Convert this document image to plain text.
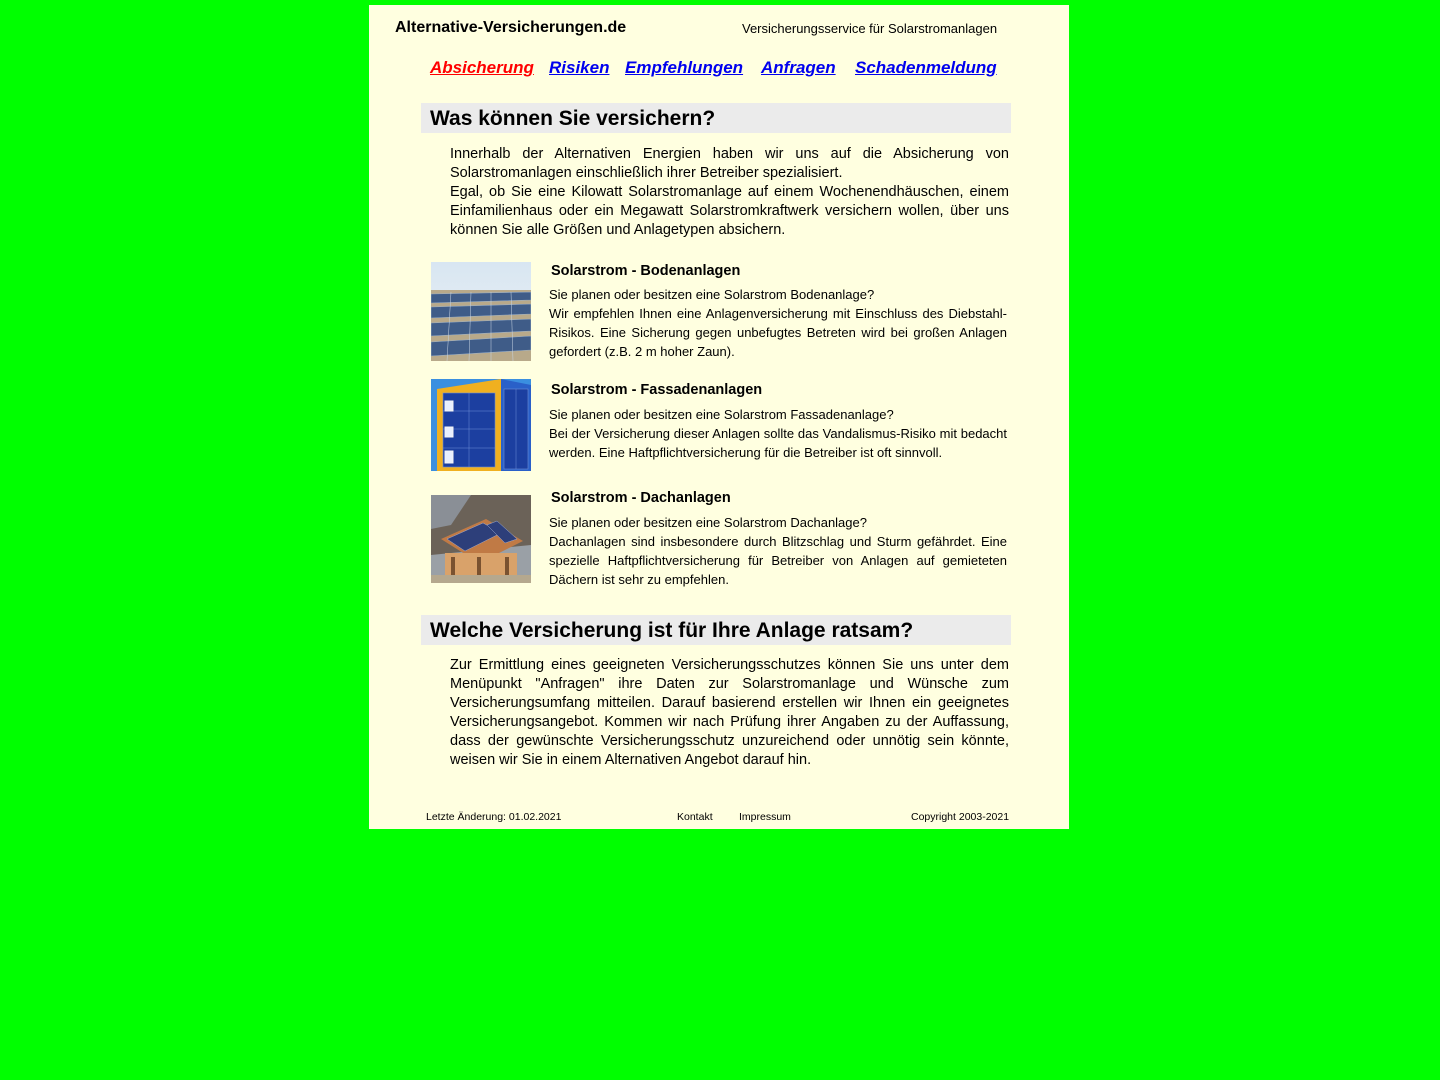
Alternative-Versicherungen.de	Versicherungsservice für Solarstromanlagen
Absicherung Risiken Empfehlungen Anfragen Schadenmeldung
Was können Sie versichern?

Innerhalb der Alternativen Energien haben wir uns auf die Absicherung von Solarstromanlagen einschließlich ihrer Betreiber spezialisiert.

Egal, ob Sie eine Kilowatt Solarstromanlage auf einem Wochenendhäuschen, einem Einfamilienhaus oder ein Megawatt Solarstromkraftwerk versichern wollen, über uns können Sie alle Größen und Anlagetypen absichern.

Solarstrom - Bodenanlagen

Sie planen oder besitzen eine Solarstrom Bodenanlage?

Wir empfehlen Ihnen eine Anlagenversicherung mit Einschluss des Diebstahl-Risikos. Eine Sicherung gegen unbefugtes Betreten wird bei großen Anlagen gefordert (z.B. 2 m hoher Zaun).

Solarstrom - Fassadenanlagen

Sie planen oder besitzen eine Solarstrom Fassadenanlage?

Bei der Versicherung dieser Anlagen sollte das Vandalismus-Risiko mit bedacht werden. Eine Haftpflichtversicherung für die Betreiber ist oft sinnvoll.

Solarstrom - Dachanlagen

Sie planen oder besitzen eine Solarstrom Dachanlage?

Dachanlagen sind insbesondere durch Blitzschlag und Sturm gefährdet. Eine spezielle Haftpflichtversicherung für Betreiber von Anlagen auf gemieteten Dächern ist sehr zu empfehlen.

Welche Versicherung ist für Ihre Anlage ratsam?

Zur Ermittlung eines geeigneten Versicherungsschutzes können Sie uns unter dem Menüpunkt "Anfragen" ihre Daten zur Solarstromanlage und Wünsche zum Versicherungsumfang mitteilen. Darauf basierend erstellen wir Ihnen ein geeignetes Versicherungsangebot. Kommen wir nach Prüfung ihrer Angaben zu der Auffassung, dass der gewünschte Versicherungsschutz unzureichend oder unnötig sein könnte, weisen wir Sie in einem Alternativen Angebot darauf hin.

Letzte Änderung: 01.02.2021	Kontakt	Impressum	Copyright 2003-2021
